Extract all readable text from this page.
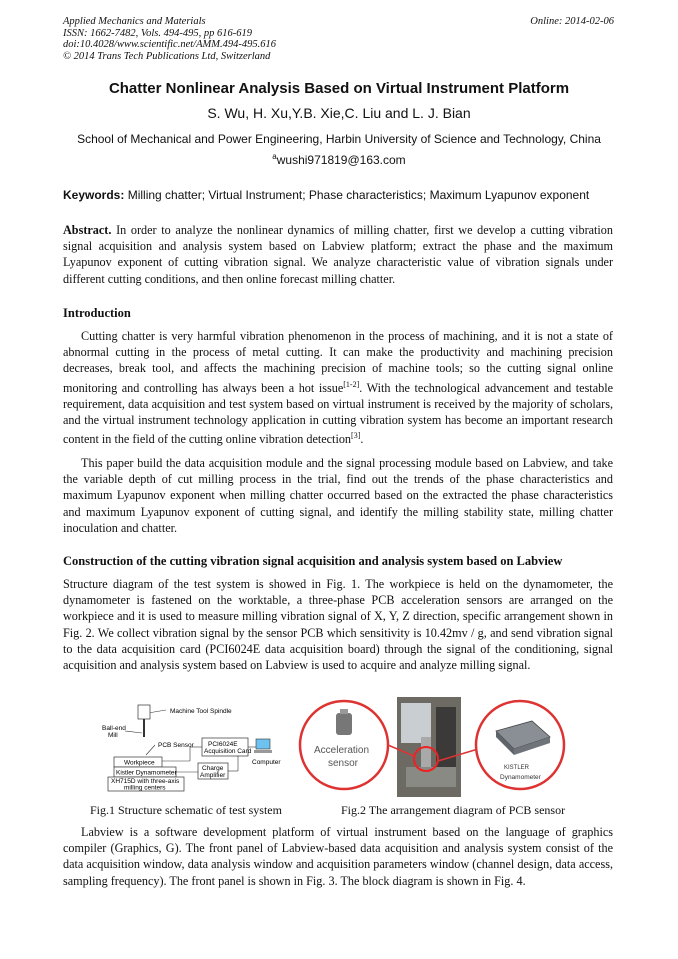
Applied Mechanics and Materials
ISSN: 1662-7482, Vols. 494-495, pp 616-619
doi:10.4028/www.scientific.net/AMM.494-495.616
© 2014 Trans Tech Publications Ltd, Switzerland
Online: 2014-02-06
Chatter Nonlinear Analysis Based on Virtual Instrument Platform
S. Wu, H. Xu,Y.B. Xie,C. Liu and L. J. Bian
School of Mechanical and Power Engineering, Harbin University of Science and Technology, China
$^a$wushi971819@163.com
Keywords: Milling chatter; Virtual Instrument; Phase characteristics; Maximum Lyapunov exponent

Abstract. In order to analyze the nonlinear dynamics of milling chatter, first we develop a cutting vibration signal acquisition and analysis system based on Labview platform; extract the phase and the maximum Lyapunov exponent of cutting vibration signal. We analyze characteristic value of vibration signals under different cutting conditions, and then online forecast milling chatter.

Introduction

Cutting chatter is very harmful vibration phenomenon in the process of machining, and it is not a state of abnormal cutting in the process of metal cutting. It can make the productivity and machining precision decreases, break tool, and affects the machining precision of machine tools; so the cutting signal online monitoring and controlling has always been a hot issue[1-2]. With the technological advancement and testable requirement, data acquisition and test system based on virtual instrument is received by the majority of scholars, and the virtual instrument technology application in cutting vibration system has become an important research content in the field of the cutting online vibration detection[3].

This paper build the data acquisition module and the signal processing module based on Labview, and take the variable depth of cut milling process in the trial, find out the trends of the phase characteristics and maximum Lyapunov exponent when milling chatter occurred based on the extracted the phase characteristics and maximum Lyapunov exponent of cutting signal, and identify the milling stability state, milling chatter inoculation and chatter.

Construction of the cutting vibration signal acquisition and analysis system based on Labview

Structure diagram of the test system is showed in Fig. 1. The workpiece is held on the dynamometer, the dynamometer is fastened on the worktable, a three-phase PCB acceleration sensors are arranged on the workpiece and it is used to measure milling vibration signal of X, Y, Z direction, specific arrangement shown in Fig. 2. We collect vibration signal by the sensor PCB which sensitivity is 10.42mv / g, and send vibration signal to the data acquisition card (PCI6024E data acquisition board) through the signal of the conditioning, signal acquisition and analysis system based on Labview is used to acquire and analyze milling signal.

Machine Tool Spindle
Ball-end
Mill
PCB Sensor PCI6024E
Acquisition Card
Computer
Workpiece
Kistler Dynamometer
Charge
Amplifier
XH715D with three-axis
milling centers
Acceleration
sensor	KISTLER
Dynamometer
Fig.1 Structure schematic of test system	Fig.2 The arrangement diagram of PCB sensor

Labview is a software development platform of virtual instrument based on the language of graphics compiler (Graphics, G). The front panel of Labview-based data acquisition and analysis system consist of the data acquisition window, data analysis window and acquisition parameters window (channel design, data access, sampling frequency). The front panel is shown in Fig. 3. The block diagram is shown in Fig. 4.
